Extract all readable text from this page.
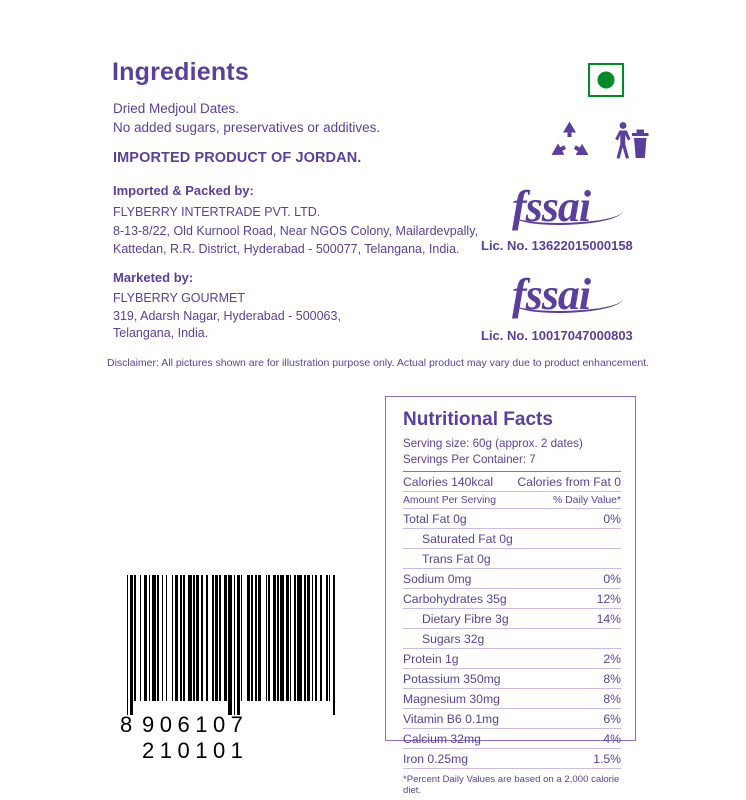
Ingredients
Dried Medjoul Dates.
No added sugars, preservatives or additives.
IMPORTED PRODUCT OF JORDAN.
Imported & Packed by:
FLYBERRY INTERTRADE PVT. LTD.
8-13-8/22, Old Kurnool Road, Near NGOS Colony, Mailardevpally,
Kattedan, R.R. District, Hyderabad - 500077, Telangana, India.
Marketed by:
FLYBERRY GOURMET
319, Adarsh Nagar, Hyderabad - 500063,
Telangana, India.
Disclaimer: All pictures shown are for illustration purpose only. Actual product may vary due to product enhancement.
fssai
Lic. No. 13622015000158
fssai
Lic. No. 10017047000803
Nutritional Facts
Serving size: 60g (approx. 2 dates)
Servings Per Container: 7
Calories 140kcal Calories from Fat 0
Amount Per Serving	% Daily Value*
Total Fat 0g	0%
Saturated Fat 0g
Trans Fat 0g
Sodium 0mg	0%
Carbohydrates 35g	12%
Dietary Fibre 3g	14%
Sugars 32g
Protein 1g	2%
Potassium 350mg	8%
Magnesium 30mg	8%
Vitamin B6 0.1mg	6%
Calcium 32mg	4%
Iron 0.25mg	1.5%
*Percent Daily Values are based on a 2,000 calorie diet.
8 906107 210101
